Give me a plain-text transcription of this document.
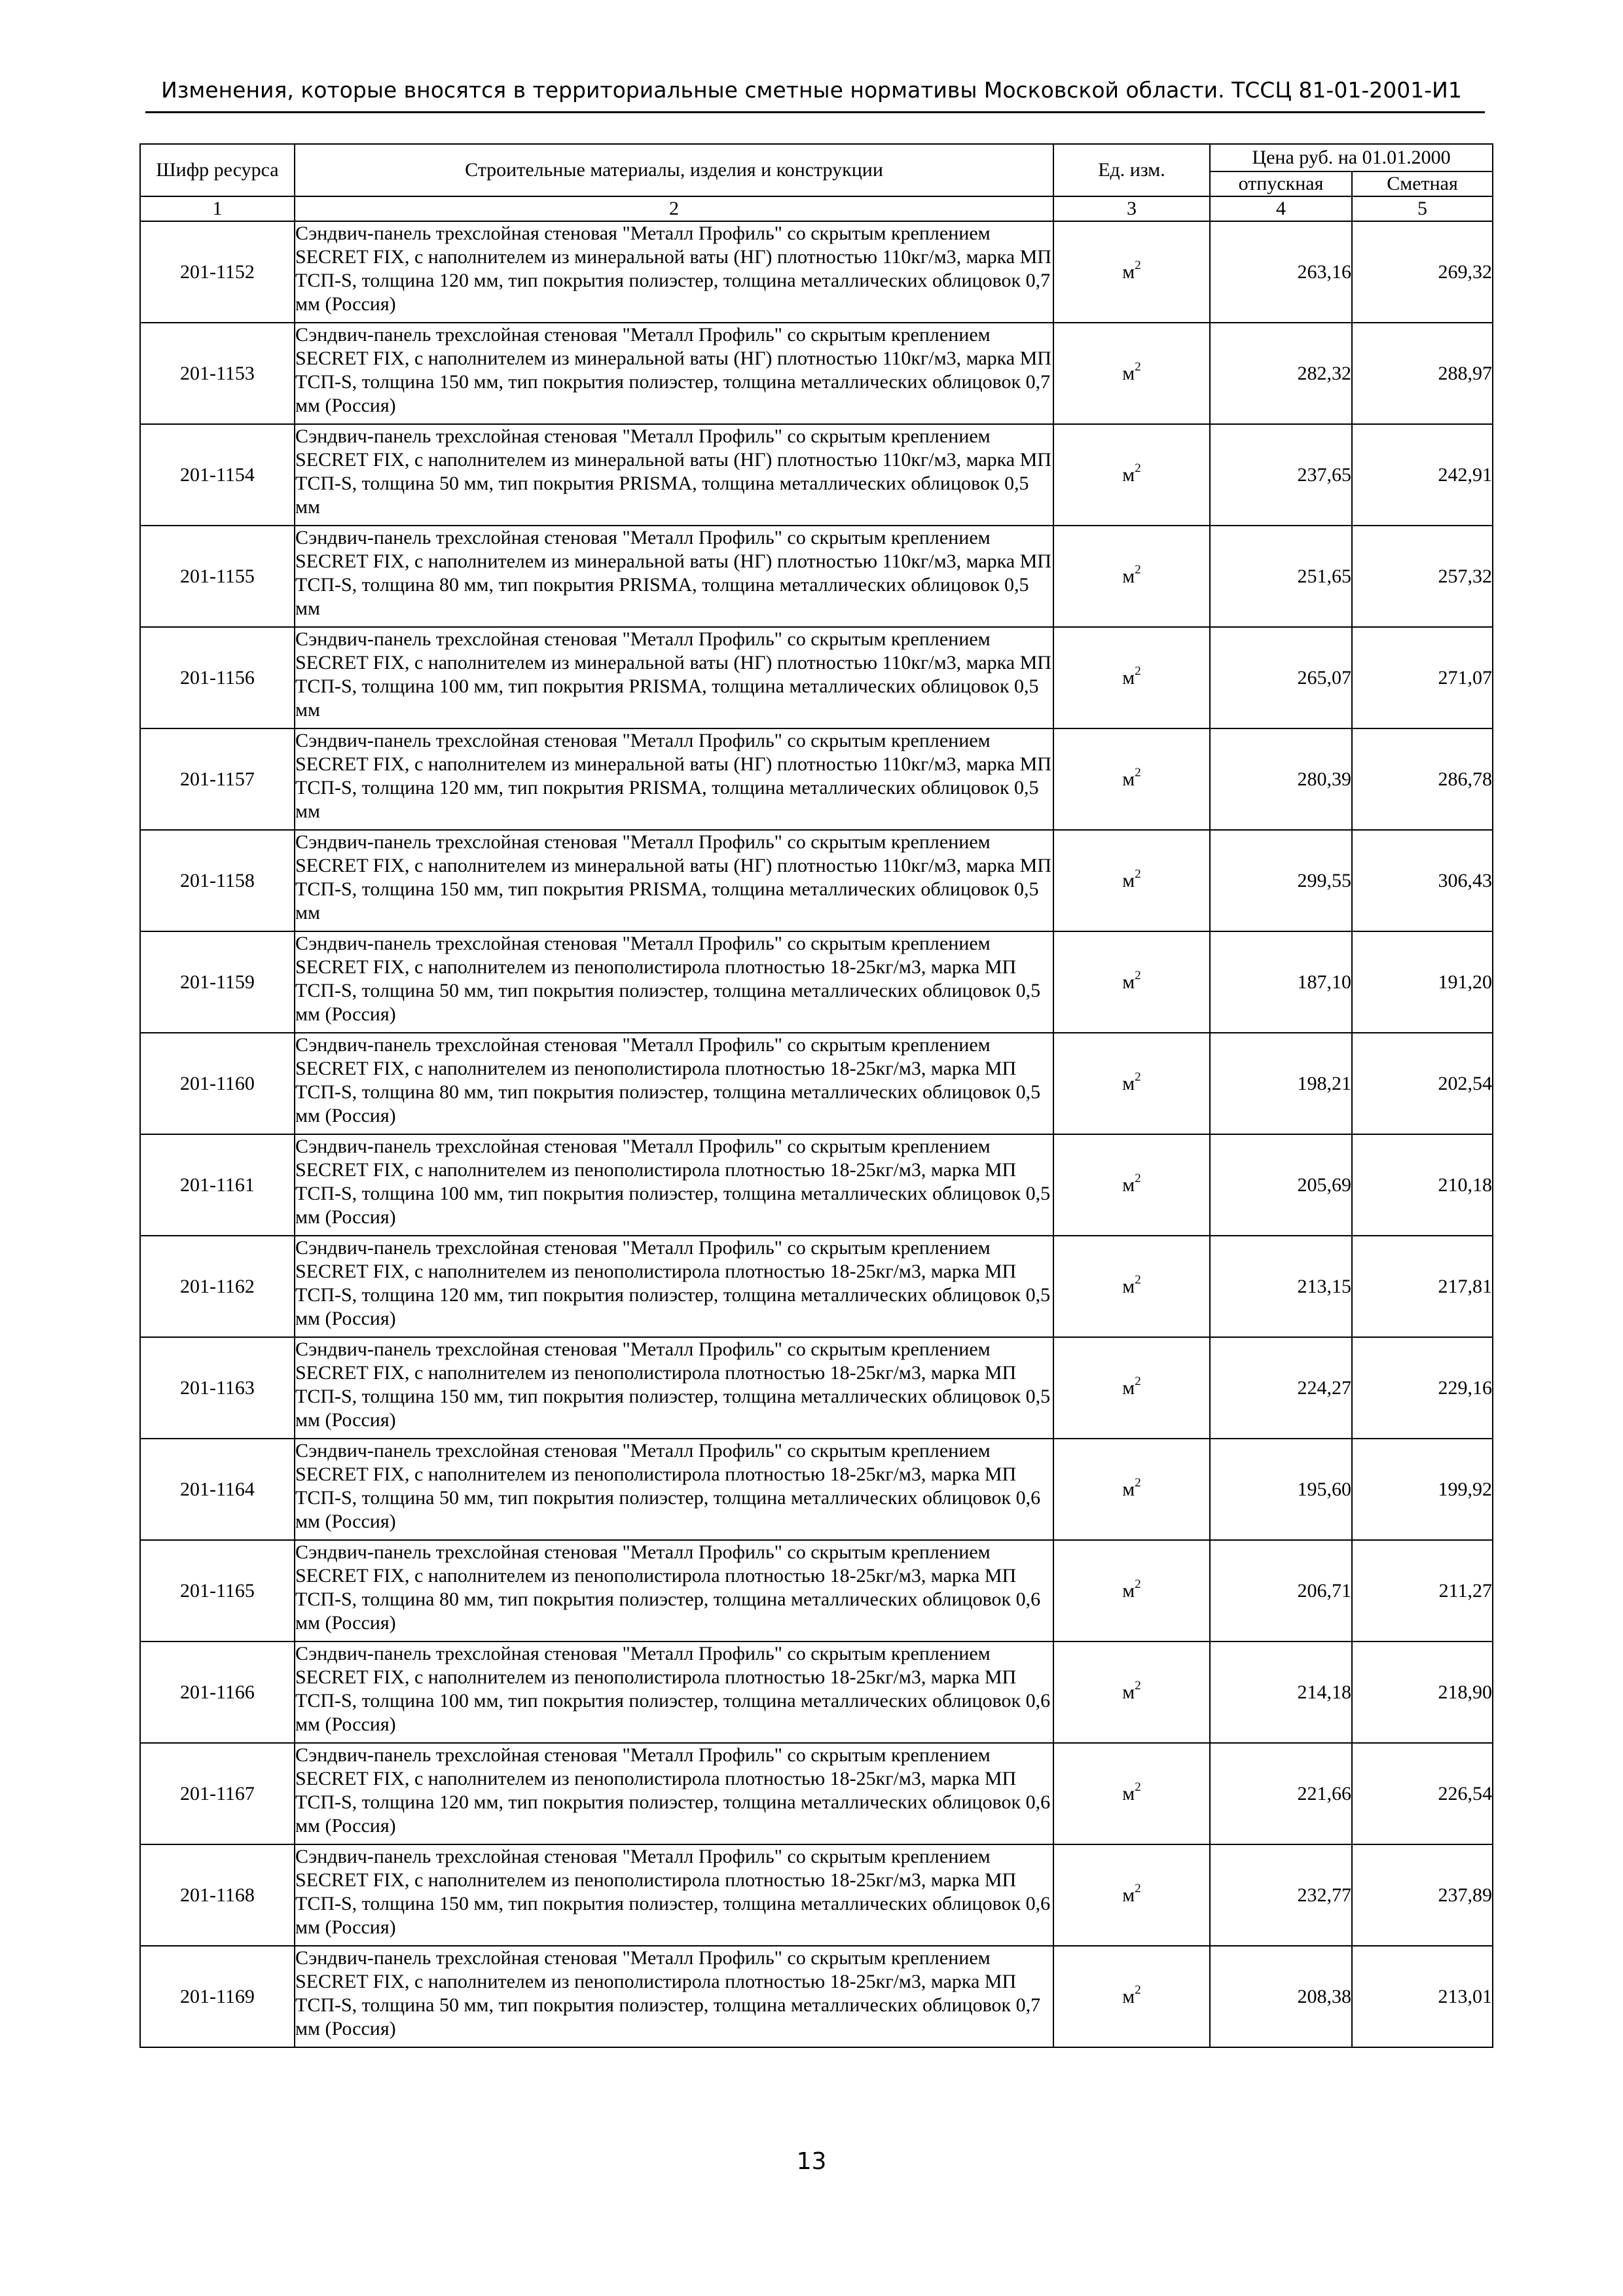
Изменения, которые вносятся в территориальные сметные нормативы Московской области. ТССЦ 81-01-2001-И1
Шифр ресурса	Строительные материалы, изделия и конструкции	Ед. изм.	Цена руб. на 01.01.2000	
			отпускная	Сметная
1	2	3	4	5
201-1152	Сэндвич-панель трехслойная стеновая "Металл Профиль" со скрытым креплением SECRET FIX, с наполнителем из минеральной ваты (НГ) плотностью 110кг/м3, марка МП ТСП-S, толщина 120 мм, тип покрытия полиэстер, толщина металлических облицовок 0,7 мм (Россия)	$м^2$	263,16	269,32
201-1153	Сэндвич-панель трехслойная стеновая "Металл Профиль" со скрытым креплением SECRET FIX, с наполнителем из минеральной ваты (НГ) плотностью 110кг/м3, марка МП ТСП-S, толщина 150 мм, тип покрытия полиэстер, толщина металлических облицовок 0,7 мм (Россия)	$м^2$	282,32	288,97
201-1154	Сэндвич-панель трехслойная стеновая "Металл Профиль" со скрытым креплением SECRET FIX, с наполнителем из минеральной ваты (НГ) плотностью 110кг/м3, марка МП ТСП-S, толщина 50 мм, тип покрытия PRISMA, толщина металлических облицовок 0,5 мм	$м^2$	237,65	242,91
201-1155	Сэндвич-панель трехслойная стеновая "Металл Профиль" со скрытым креплением SECRET FIX, с наполнителем из минеральной ваты (НГ) плотностью 110кг/м3, марка МП ТСП-S, толщина 80 мм, тип покрытия PRISMA, толщина металлических облицовок 0,5 мм	$м^2$	251,65	257,32
201-1156	Сэндвич-панель трехслойная стеновая "Металл Профиль" со скрытым креплением SECRET FIX, с наполнителем из минеральной ваты (НГ) плотностью 110кг/м3, марка МП ТСП-S, толщина 100 мм, тип покрытия PRISMA, толщина металлических облицовок 0,5 мм	$м^2$	265,07	271,07
201-1157	Сэндвич-панель трехслойная стеновая "Металл Профиль" со скрытым креплением SECRET FIX, с наполнителем из минеральной ваты (НГ) плотностью 110кг/м3, марка МП ТСП-S, толщина 120 мм, тип покрытия PRISMA, толщина металлических облицовок 0,5 мм	$м^2$	280,39	286,78
201-1158	Сэндвич-панель трехслойная стеновая "Металл Профиль" со скрытым креплением SECRET FIX, с наполнителем из минеральной ваты (НГ) плотностью 110кг/м3, марка МП ТСП-S, толщина 150 мм, тип покрытия PRISMA, толщина металлических облицовок 0,5 мм	$м^2$	299,55	306,43
201-1159	Сэндвич-панель трехслойная стеновая "Металл Профиль" со скрытым креплением SECRET FIX, с наполнителем из пенополистирола плотностью 18-25кг/м3, марка МП ТСП-S, толщина 50 мм, тип покрытия полиэстер, толщина металлических облицовок 0,5 мм (Россия)	$м^2$	187,10	191,20
201-1160	Сэндвич-панель трехслойная стеновая "Металл Профиль" со скрытым креплением SECRET FIX, с наполнителем из пенополистирола плотностью 18-25кг/м3, марка МП ТСП-S, толщина 80 мм, тип покрытия полиэстер, толщина металлических облицовок 0,5 мм (Россия)	$м^2$	198,21	202,54
201-1161	Сэндвич-панель трехслойная стеновая "Металл Профиль" со скрытым креплением SECRET FIX, с наполнителем из пенополистирола плотностью 18-25кг/м3, марка МП ТСП-S, толщина 100 мм, тип покрытия полиэстер, толщина металлических облицовок 0,5 мм (Россия)	$м^2$	205,69	210,18
201-1162	Сэндвич-панель трехслойная стеновая "Металл Профиль" со скрытым креплением SECRET FIX, с наполнителем из пенополистирола плотностью 18-25кг/м3, марка МП ТСП-S, толщина 120 мм, тип покрытия полиэстер, толщина металлических облицовок 0,5 мм (Россия)	$м^2$	213,15	217,81
201-1163	Сэндвич-панель трехслойная стеновая "Металл Профиль" со скрытым креплением SECRET FIX, с наполнителем из пенополистирола плотностью 18-25кг/м3, марка МП ТСП-S, толщина 150 мм, тип покрытия полиэстер, толщина металлических облицовок 0,5 мм (Россия)	$м^2$	224,27	229,16
201-1164	Сэндвич-панель трехслойная стеновая "Металл Профиль" со скрытым креплением SECRET FIX, с наполнителем из пенополистирола плотностью 18-25кг/м3, марка МП ТСП-S, толщина 50 мм, тип покрытия полиэстер, толщина металлических облицовок 0,6 мм (Россия)	$м^2$	195,60	199,92
201-1165	Сэндвич-панель трехслойная стеновая "Металл Профиль" со скрытым креплением SECRET FIX, с наполнителем из пенополистирола плотностью 18-25кг/м3, марка МП ТСП-S, толщина 80 мм, тип покрытия полиэстер, толщина металлических облицовок 0,6 мм (Россия)	$м^2$	206,71	211,27
201-1166	Сэндвич-панель трехслойная стеновая "Металл Профиль" со скрытым креплением SECRET FIX, с наполнителем из пенополистирола плотностью 18-25кг/м3, марка МП ТСП-S, толщина 100 мм, тип покрытия полиэстер, толщина металлических облицовок 0,6 мм (Россия)	$м^2$	214,18	218,90
201-1167	Сэндвич-панель трехслойная стеновая "Металл Профиль" со скрытым креплением SECRET FIX, с наполнителем из пенополистирола плотностью 18-25кг/м3, марка МП ТСП-S, толщина 120 мм, тип покрытия полиэстер, толщина металлических облицовок 0,6 мм (Россия)	$м^2$	221,66	226,54
201-1168	Сэндвич-панель трехслойная стеновая "Металл Профиль" со скрытым креплением SECRET FIX, с наполнителем из пенополистирола плотностью 18-25кг/м3, марка МП ТСП-S, толщина 150 мм, тип покрытия полиэстер, толщина металлических облицовок 0,6 мм (Россия)	$м^2$	232,77	237,89
201-1169	Сэндвич-панель трехслойная стеновая "Металл Профиль" со скрытым креплением SECRET FIX, с наполнителем из пенополистирола плотностью 18-25кг/м3, марка МП ТСП-S, толщина 50 мм, тип покрытия полиэстер, толщина металлических облицовок 0,7 мм (Россия)	$м^2$	208,38	213,01
13
